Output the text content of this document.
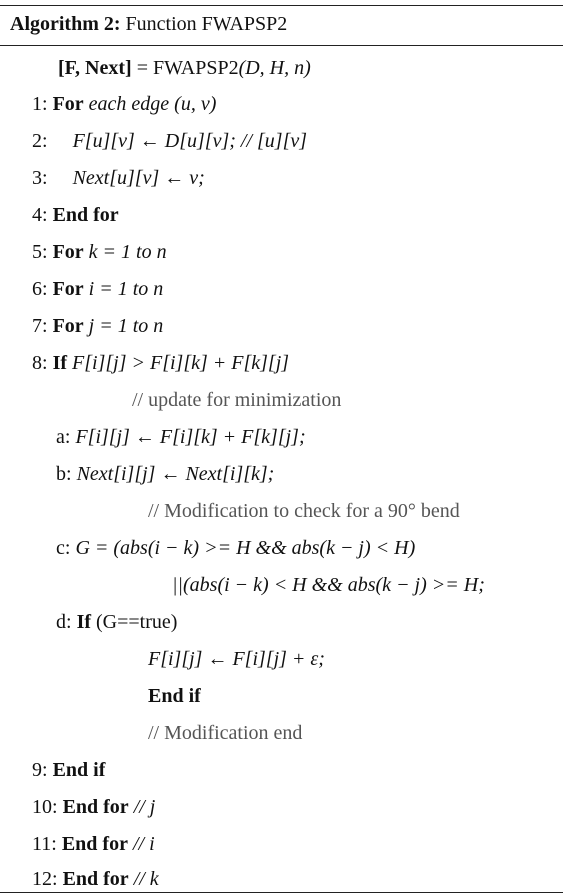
Algorithm 2: Function FWAPSP2
[F, Next] = FWAPSP2(D, H, n)
1: For each edge (u, v)
2: F[u][v] ← D[u][v]; // [u][v]
3: Next[u][v] ← v;
4: End for
5: For k = 1 to n
6: For i = 1 to n
7: For j = 1 to n
8: If F[i][j] > F[i][k] + F[k][j]
// update for minimization
a: F[i][j] ← F[i][k] + F[k][j];
b: Next[i][j] ← Next[i][k];
// Modification to check for a 90° bend
c: G = (abs(i − k) >= H && abs(k − j) < H)
||(abs(i − k) < H && abs(k − j) >= H;
d: If (G==true)
F[i][j] ← F[i][j] + ε;
End if
// Modification end
9: End if
10: End for // j
11: End for // i
12: End for // k
